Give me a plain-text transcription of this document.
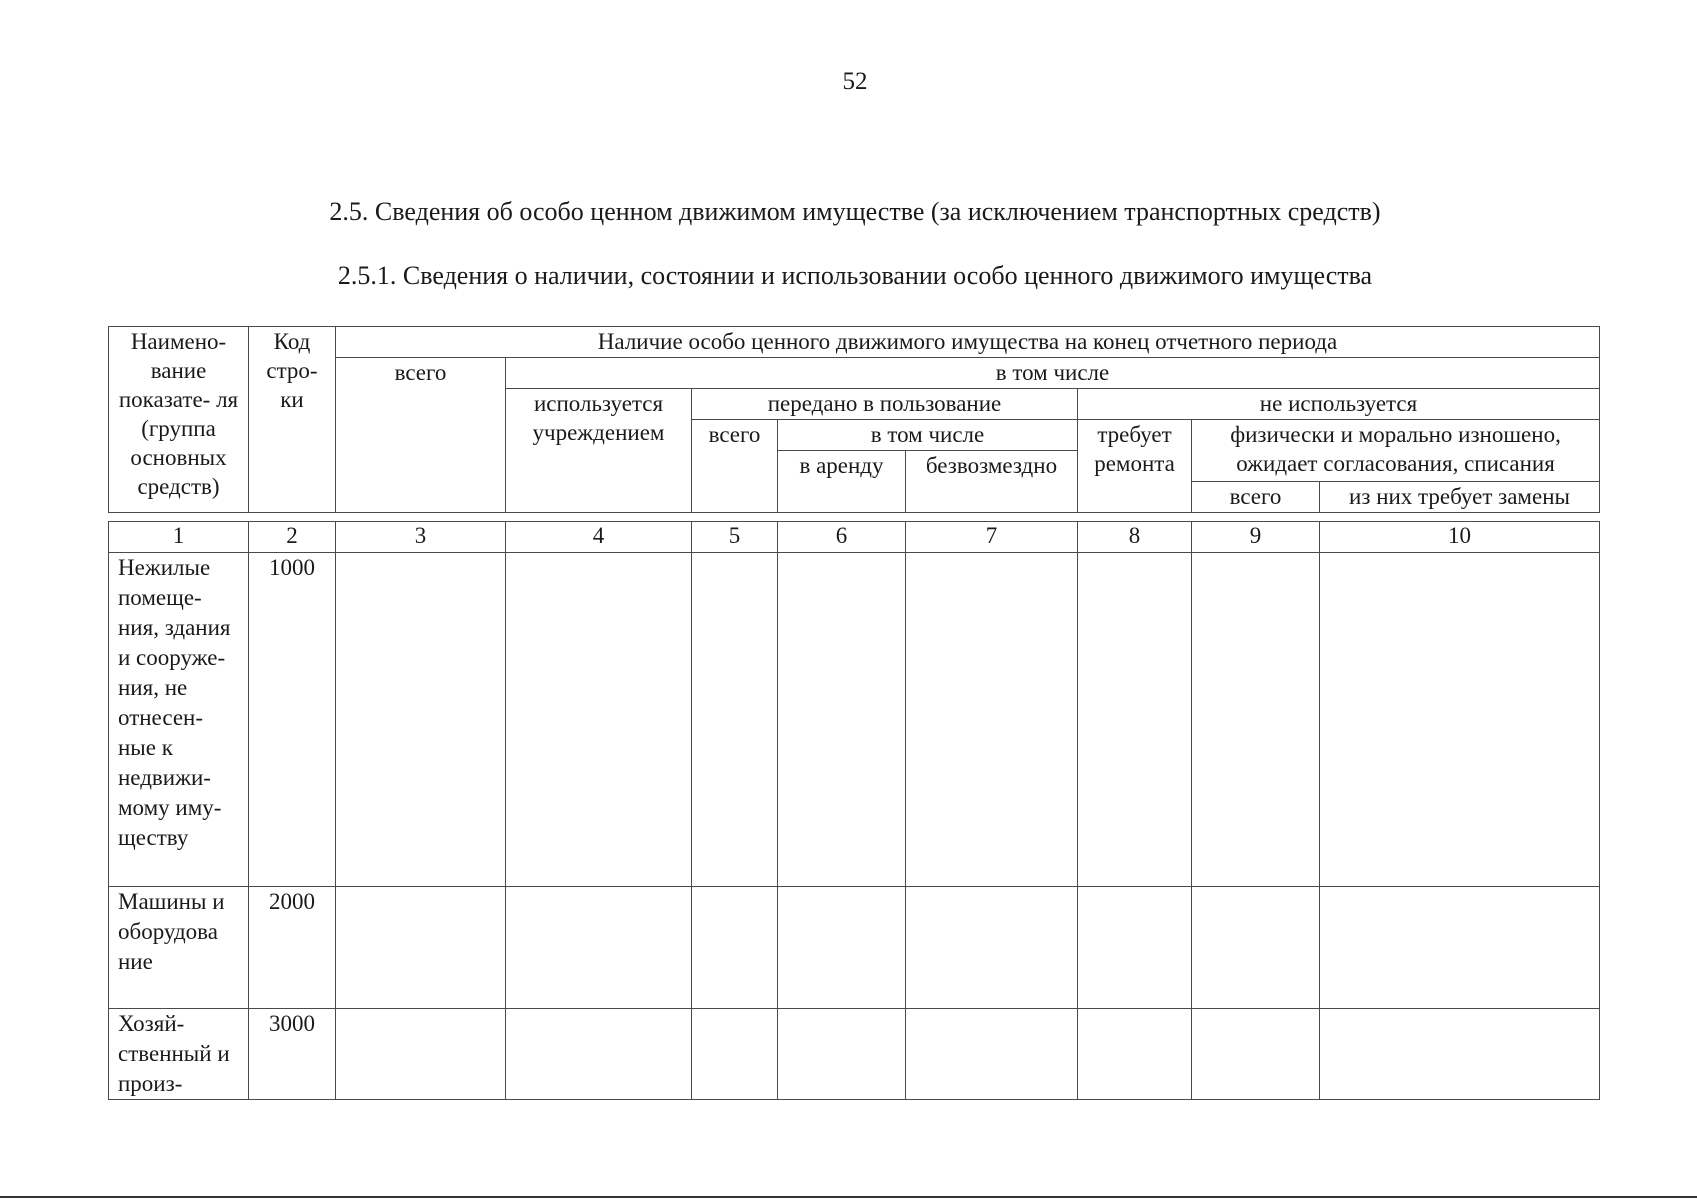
52
2.5. Сведения об особо ценном движимом имуществе (за исключением транспортных средств)
2.5.1. Сведения о наличии, состоянии и использовании особо ценного движимого имущества
Наимено- вание показате- ля (группа основных средств)	Код стро- ки	Наличие особо ценного движимого имущества на конец отчетного периода							
		всего	в том числе						
			используется учреждением	передано в пользование			не используется		
				всего	в том числе		требует ремонта	физически и морально изношено, ожидает согласования, списания	
					в аренду	безвозмездно			
								всего	из них требует замены
1	2	3	4	5	6	7	8	9	10
Нежилые помеще- ния, здания и сооруже- ния, не отнесен- ные к недвижи- мому иму- ществу	1000								
Машины и оборудова ние	2000								
Хозяй- ственный и произ-	3000								
